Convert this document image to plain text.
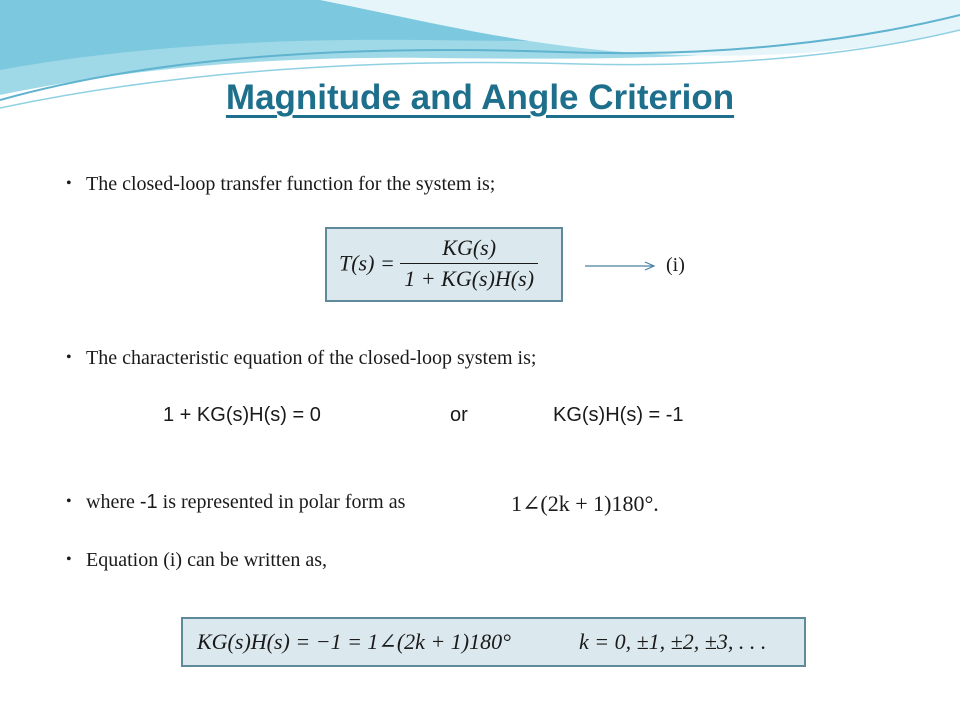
Magnitude and Angle Criterion
• The closed-loop transfer function for the system is;
$T(s) = \frac{KG(s)}{1 + KG(s)H(s)}$	(i)
• The characteristic equation of the closed-loop system is;
1 + KG(s)H(s) = 0	or	KG(s)H(s) = -1
• where -1 is represented in polar form as	1∠(2k + 1)180°.
• Equation (i) can be written as,
KG(s)H(s) = −1 = 1∠(2k + 1)180°	k = 0, ±1, ±2, ±3, . . .
